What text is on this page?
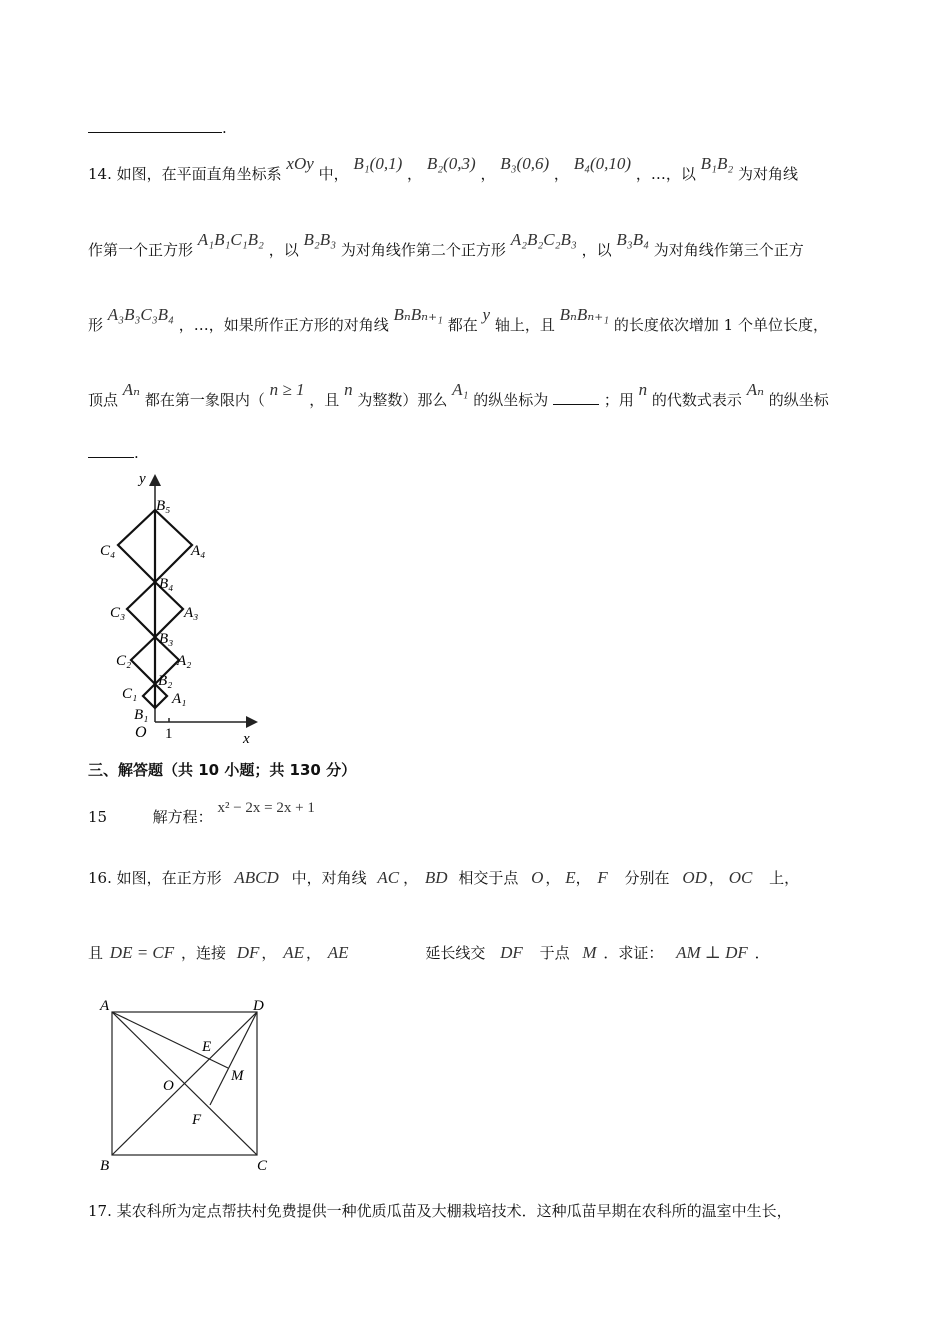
.
14. 如图，在平面直角坐标系 xOy 中， B₁(0,1) ， B₂(0,3) ， B₃(0,6) ， B₄(0,10) ，…，以 B₁B₂ 为对角线
作第一个正方形 A₁B₁C₁B₂ ，以 B₂B₃ 为对角线作第二个正方形 A₂B₂C₂B₃ ，以 B₃B₄ 为对角线作第三个正方
形 A₃B₃C₃B₄ ，…，如果所作正方形的对角线 BₙBₙ₊₁ 都在 y 轴上，且 BₙBₙ₊₁ 的长度依次增加 1 个单位长度，
顶点 Aₙ 都在第一象限内（ n ≥ 1 ，且 n 为整数）那么 A₁ 的纵坐标为	；用 n 的代数式表示 Aₙ 的纵坐标
.
y
B₅
C₄	A₄
B₄
C₃	A₃
B₃
C₂	A₂
B₂
C₁ A₁
B₁
O 1	x
三、解答题（共 10 小题；共 130 分）
15	解方程： x² − 2x = 2x + 1
16. 如图，在正方形 ABCD 中，对角线 AC ， BD 相交于点 O ， E， F 分别在 OD ， OC 上，
且 DE = CF ，连接 DF ， AE ， AE	延长线交 DF 于点 M ．求证： AM ⊥ DF ．
A	D
E
M
O
F
B	C
17. 某农科所为定点帮扶村免费提供一种优质瓜苗及大棚栽培技术．这种瓜苗早期在农科所的温室中生长，
